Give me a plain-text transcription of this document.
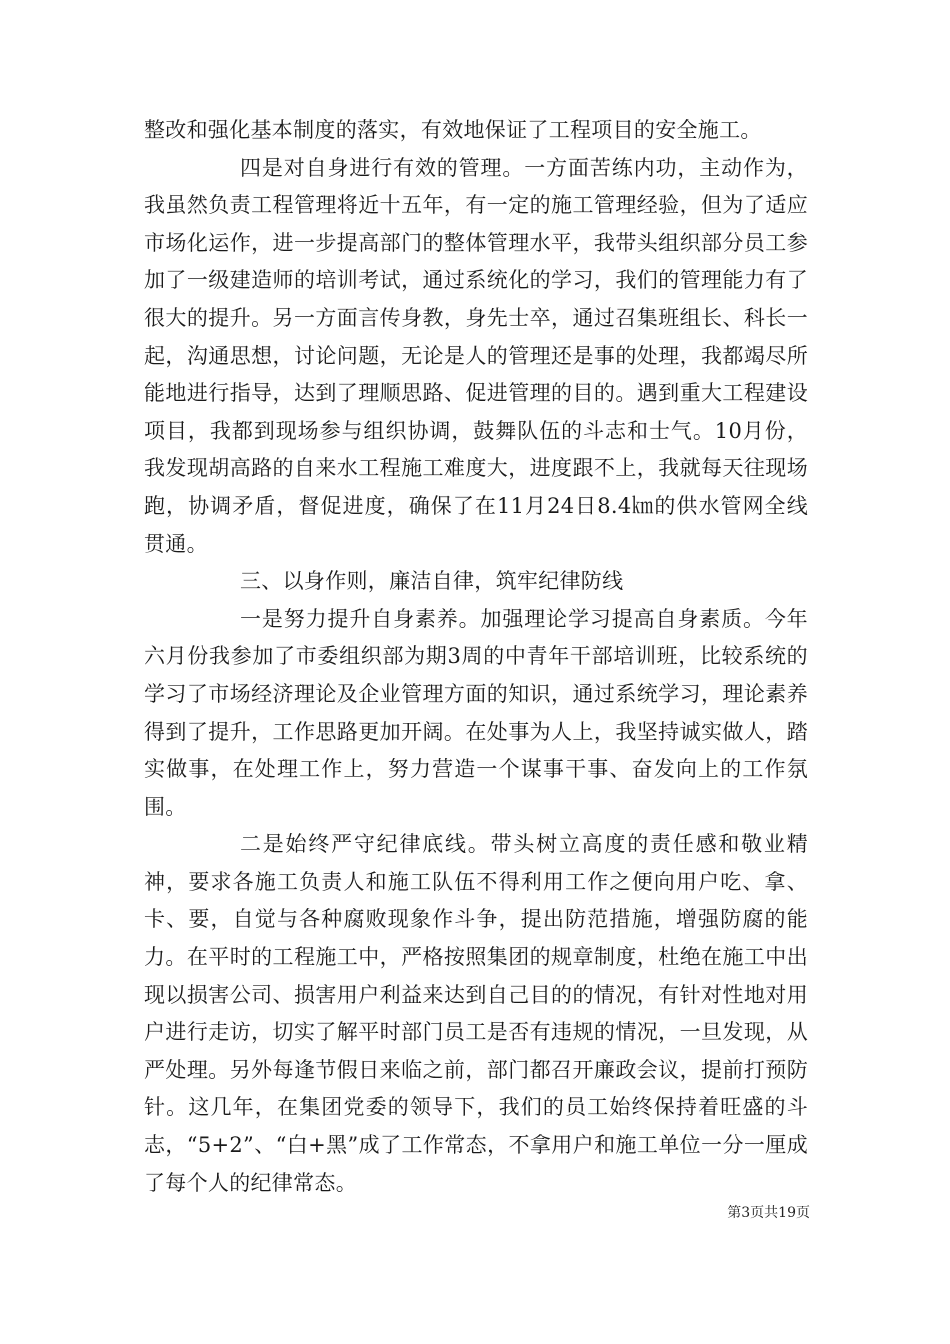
整改和强化基本制度的落实，有效地保证了工程项目的安全施工。

四是对自身进行有效的管理。一方面苦练内功，主动作为，我虽然负责工程管理将近十五年，有一定的施工管理经验，但为了适应市场化运作，进一步提高部门的整体管理水平，我带头组织部分员工参加了一级建造师的培训考试，通过系统化的学习，我们的管理能力有了很大的提升。另一方面言传身教，身先士卒，通过召集班组长、科长一起，沟通思想，讨论问题，无论是人的管理还是事的处理，我都竭尽所能地进行指导，达到了理顺思路、促进管理的目的。遇到重大工程建设项目，我都到现场参与组织协调，鼓舞队伍的斗志和士气。10月份，我发现胡高路的自来水工程施工难度大，进度跟不上，我就每天往现场跑，协调矛盾，督促进度，确保了在11月24日8.4㎞的供水管网全线贯通。

三、以身作则，廉洁自律，筑牢纪律防线

一是努力提升自身素养。加强理论学习提高自身素质。今年六月份我参加了市委组织部为期3周的中青年干部培训班，比较系统的学习了市场经济理论及企业管理方面的知识，通过系统学习，理论素养得到了提升，工作思路更加开阔。在处事为人上，我坚持诚实做人，踏实做事，在处理工作上，努力营造一个谋事干事、奋发向上的工作氛围。

二是始终严守纪律底线。带头树立高度的责任感和敬业精神，要求各施工负责人和施工队伍不得利用工作之便向用户吃、拿、卡、要，自觉与各种腐败现象作斗争，提出防范措施，增强防腐的能力。在平时的工程施工中，严格按照集团的规章制度，杜绝在施工中出现以损害公司、损害用户利益来达到自己目的的情况，有针对性地对用户进行走访，切实了解平时部门员工是否有违规的情况，一旦发现，从严处理。另外每逢节假日来临之前，部门都召开廉政会议，提前打预防针。这几年，在集团党委的领导下，我们的员工始终保持着旺盛的斗志，“5+2”、“白+黑”成了工作常态，不拿用户和施工单位一分一厘成了每个人的纪律常态。

第3页共19页
